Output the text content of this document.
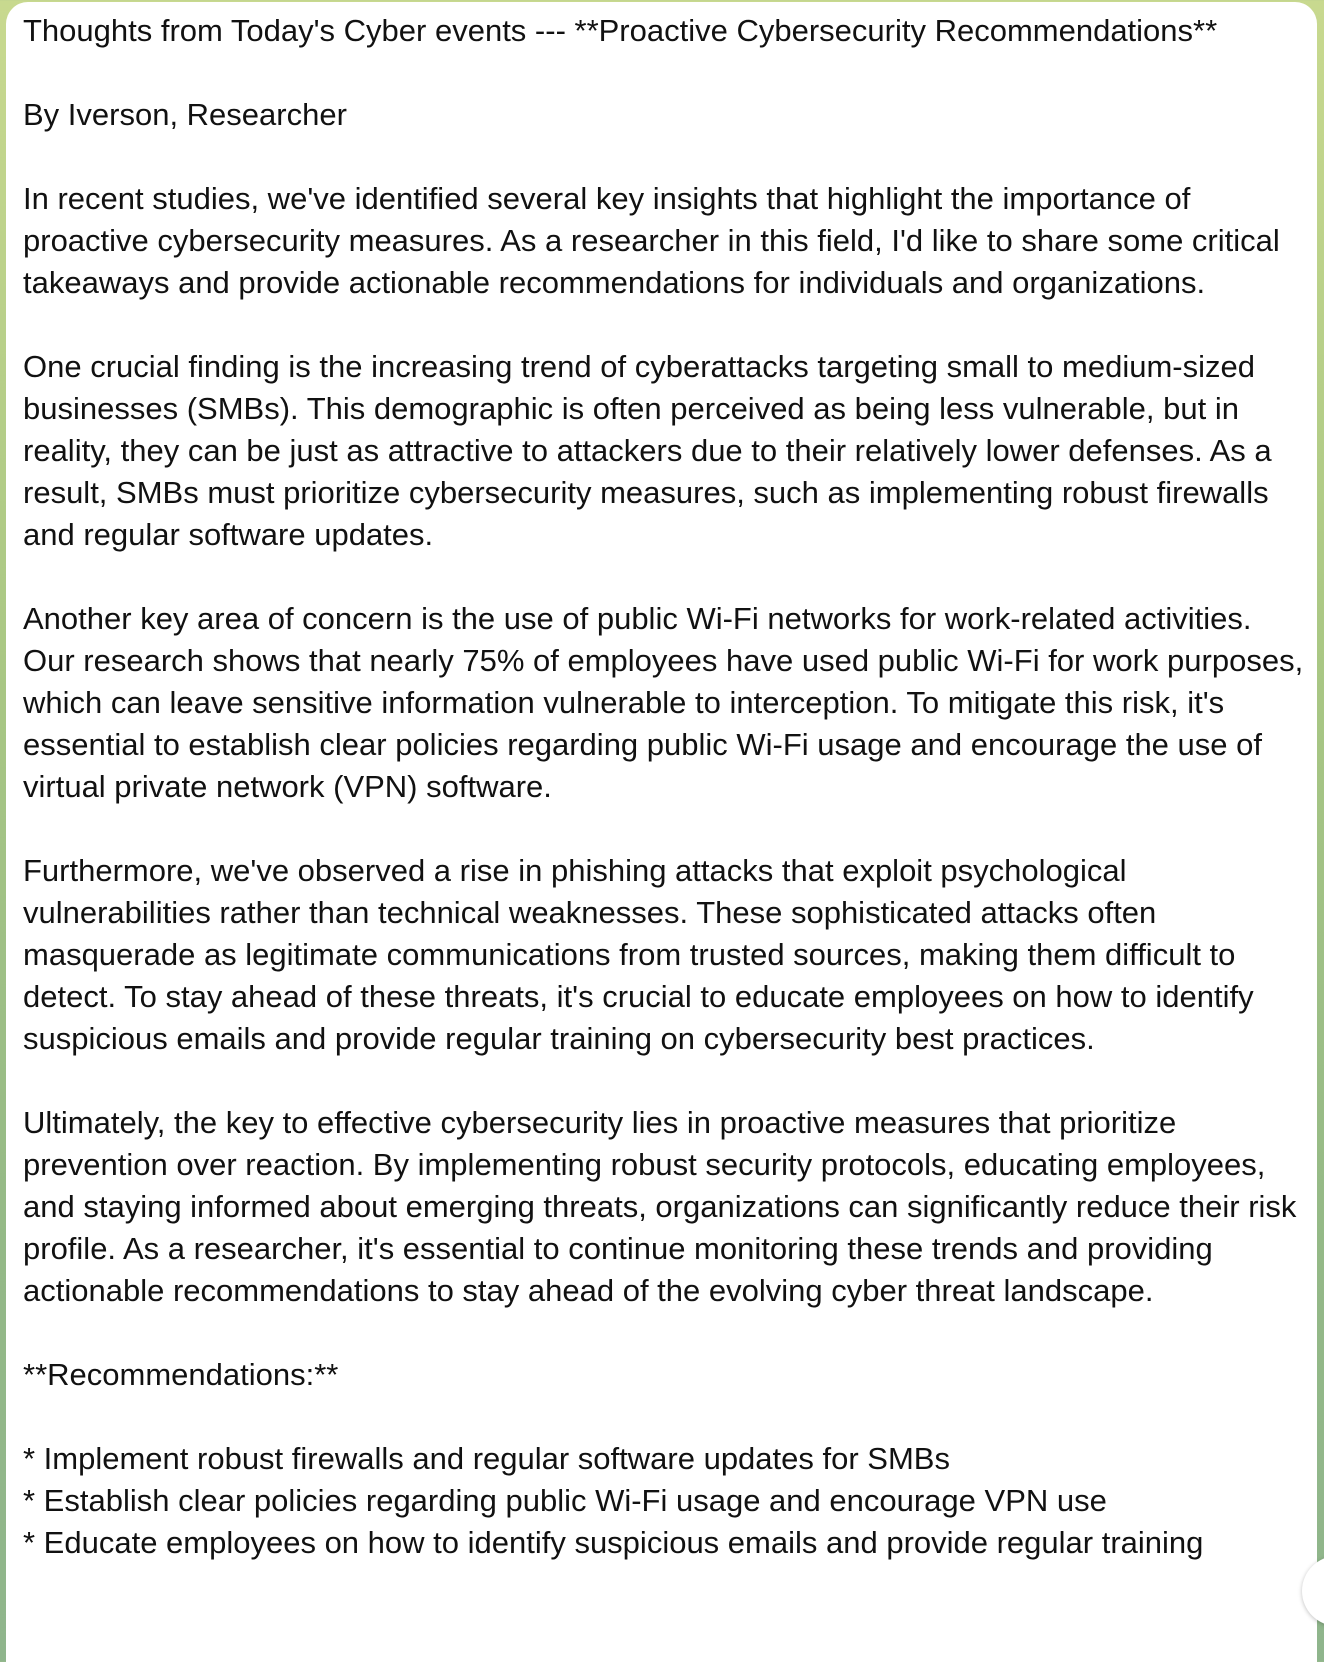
Thoughts from Today's Cyber events --- **Proactive Cybersecurity Recommendations**

By Iverson, Researcher

In recent studies, we've identified several key insights that highlight the importance of proactive cybersecurity measures. As a researcher in this field, I'd like to share some critical takeaways and provide actionable recommendations for individuals and organizations.

One crucial finding is the increasing trend of cyberattacks targeting small to medium-sized businesses (SMBs). This demographic is often perceived as being less vulnerable, but in reality, they can be just as attractive to attackers due to their relatively lower defenses. As a result, SMBs must prioritize cybersecurity measures, such as implementing robust firewalls and regular software updates.

Another key area of concern is the use of public Wi-Fi networks for work-related activities. Our research shows that nearly 75% of employees have used public Wi-Fi for work purposes, which can leave sensitive information vulnerable to interception. To mitigate this risk, it's essential to establish clear policies regarding public Wi-Fi usage and encourage the use of virtual private network (VPN) software.

Furthermore, we've observed a rise in phishing attacks that exploit psychological vulnerabilities rather than technical weaknesses. These sophisticated attacks often masquerade as legitimate communications from trusted sources, making them difficult to detect. To stay ahead of these threats, it's crucial to educate employees on how to identify suspicious emails and provide regular training on cybersecurity best practices.

Ultimately, the key to effective cybersecurity lies in proactive measures that prioritize prevention over reaction. By implementing robust security protocols, educating employees, and staying informed about emerging threats, organizations can significantly reduce their risk profile. As a researcher, it's essential to continue monitoring these trends and providing actionable recommendations to stay ahead of the evolving cyber threat landscape.

**Recommendations:**

* Implement robust firewalls and regular software updates for SMBs

* Establish clear policies regarding public Wi-Fi usage and encourage VPN use

* Educate employees on how to identify suspicious emails and provide regular training
